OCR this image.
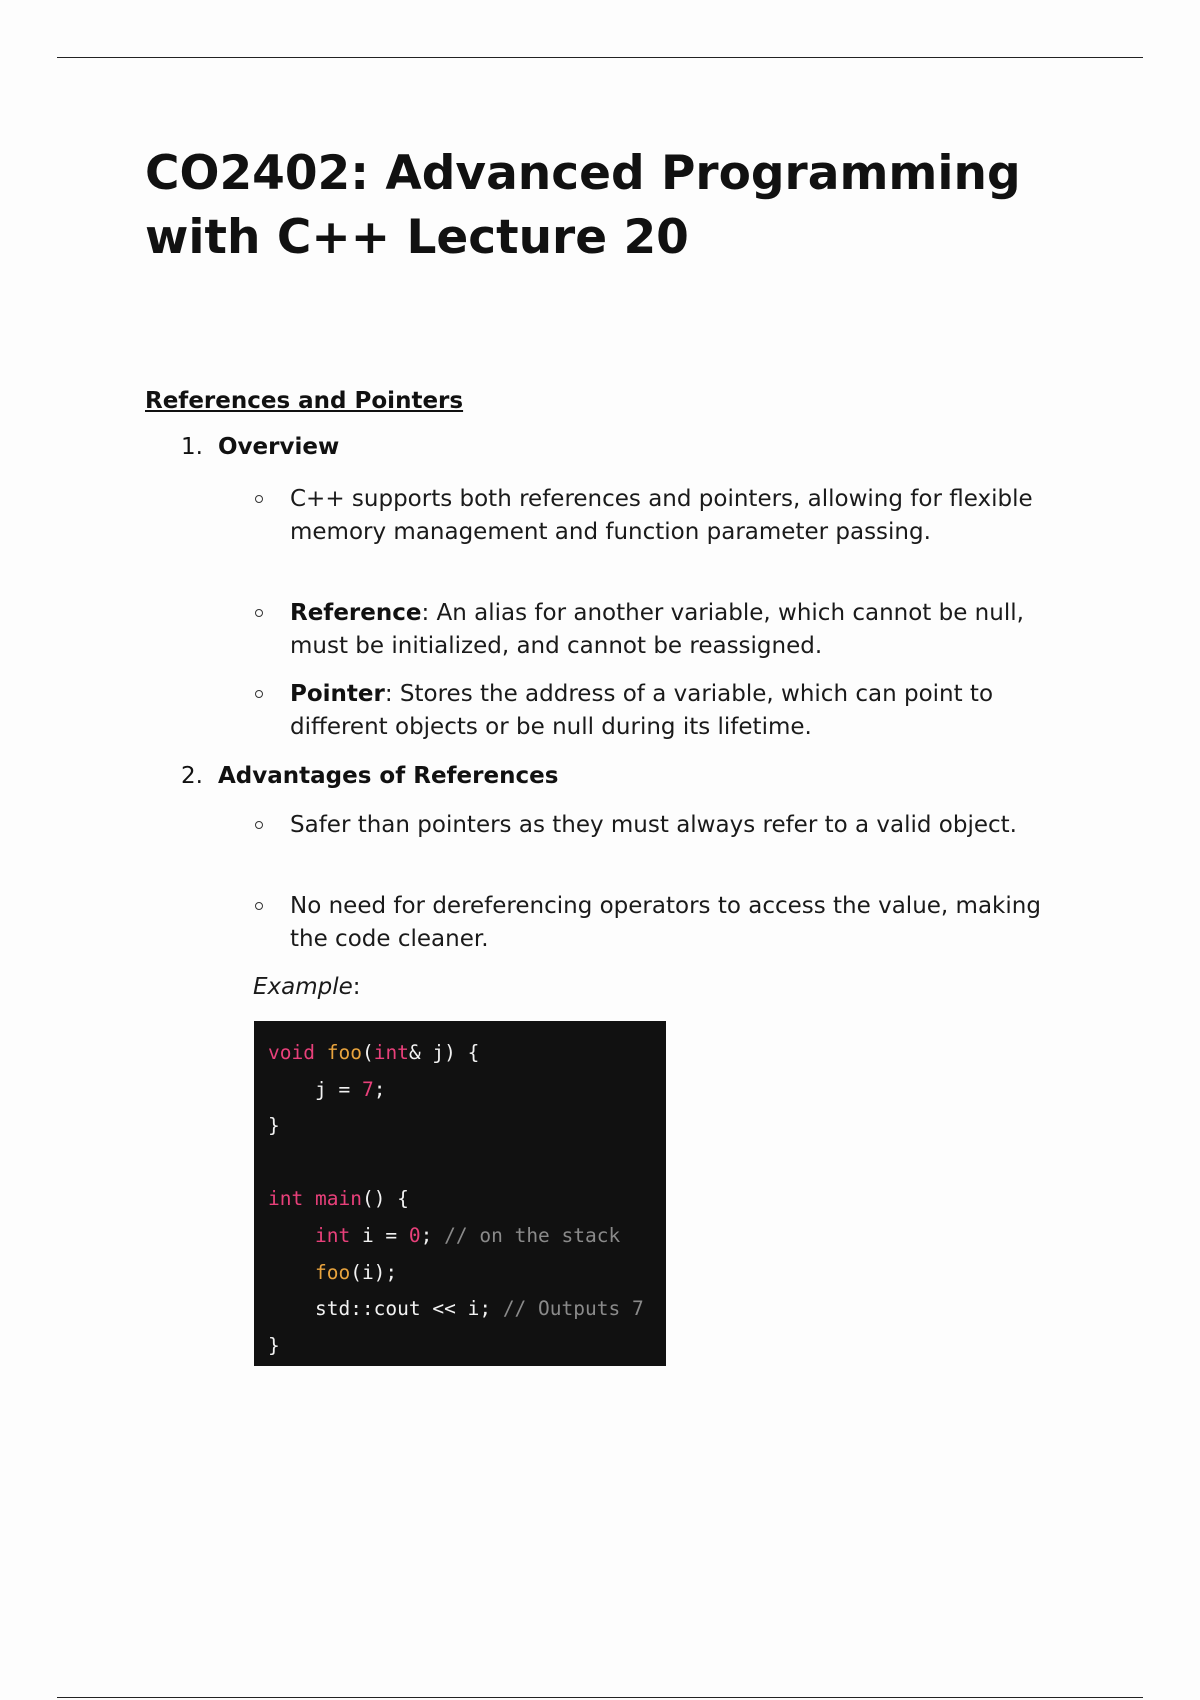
CO2402: Advanced Programming with C++ Lecture 20
References and Pointers
1. Overview
C++ supports both references and pointers, allowing for flexible memory management and function parameter passing.
Reference: An alias for another variable, which cannot be null, must be initialized, and cannot be reassigned.
Pointer: Stores the address of a variable, which can point to different objects or be null during its lifetime.
2. Advantages of References
Safer than pointers as they must always refer to a valid object.
No need for dereferencing operators to access the value, making the code cleaner.
Example:
void foo(int& j) {
j = 7;
}
int main() {
int i = 0; // on the stack
foo(i);
std::cout << i; // Outputs 7
}
